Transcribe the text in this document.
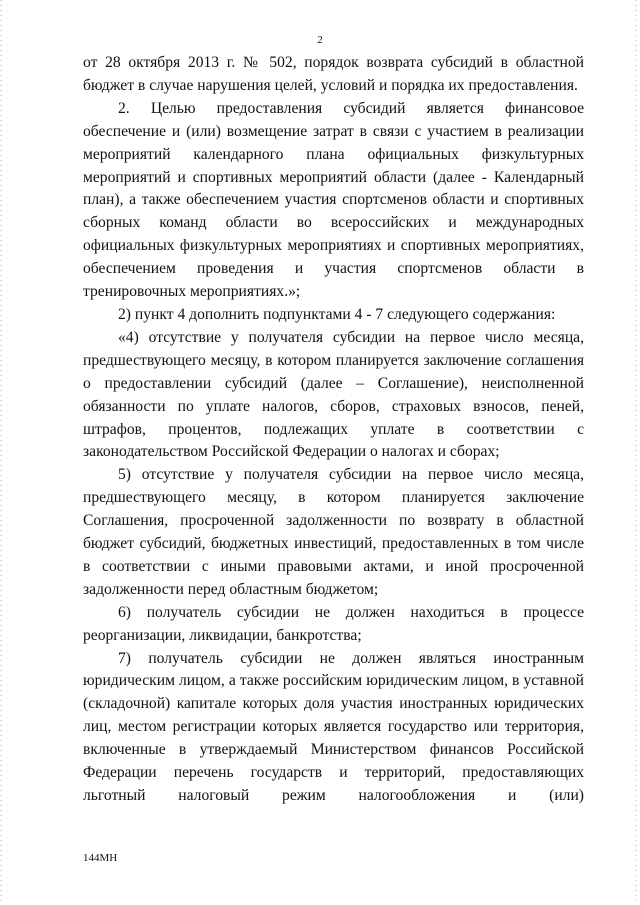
2

от 28 октября 2013 г. № 502, порядок возврата субсидий в областной бюджет в случае нарушения целей, условий и порядка их предоставления.

2. Целью предоставления субсидий является финансовое обеспечение и (или) возмещение затрат в связи с участием в реализации мероприятий календарного плана официальных физкультурных мероприятий и спортивных мероприятий области (далее - Календарный план), а также обеспечением участия спортсменов области и спортивных сборных команд области во всероссийских и международных официальных физкультурных мероприятиях и спортивных мероприятиях, обеспечением проведения и участия спортсменов области в тренировочных мероприятиях.»;

2) пункт 4 дополнить подпунктами 4 - 7 следующего содержания:

«4) отсутствие у получателя субсидии на первое число месяца, предшествующего месяцу, в котором планируется заключение соглашения о предоставлении субсидий (далее – Соглашение), неисполненной обязанности по уплате налогов, сборов, страховых взносов, пеней, штрафов, процентов, подлежащих уплате в соответствии с законодательством Российской Федерации о налогах и сборах;

5) отсутствие у получателя субсидии на первое число месяца, предшествующего месяцу, в котором планируется заключение Соглашения, просроченной задолженности по возврату в областной бюджет субсидий, бюджетных инвестиций, предоставленных в том числе в соответствии с иными правовыми актами, и иной просроченной задолженности перед областным бюджетом;

6) получатель субсидии не должен находиться в процессе реорганизации, ликвидации, банкротства;

7) получатель субсидии не должен являться иностранным юридическим лицом, а также российским юридическим лицом, в уставной (складочной) капитале которых доля участия иностранных юридических лиц, местом регистрации которых является государство или территория, включенные в утверждаемый Министерством финансов Российской Федерации перечень государств и территорий, предоставляющих льготный налоговый режим налогообложения и (или)

144МН
